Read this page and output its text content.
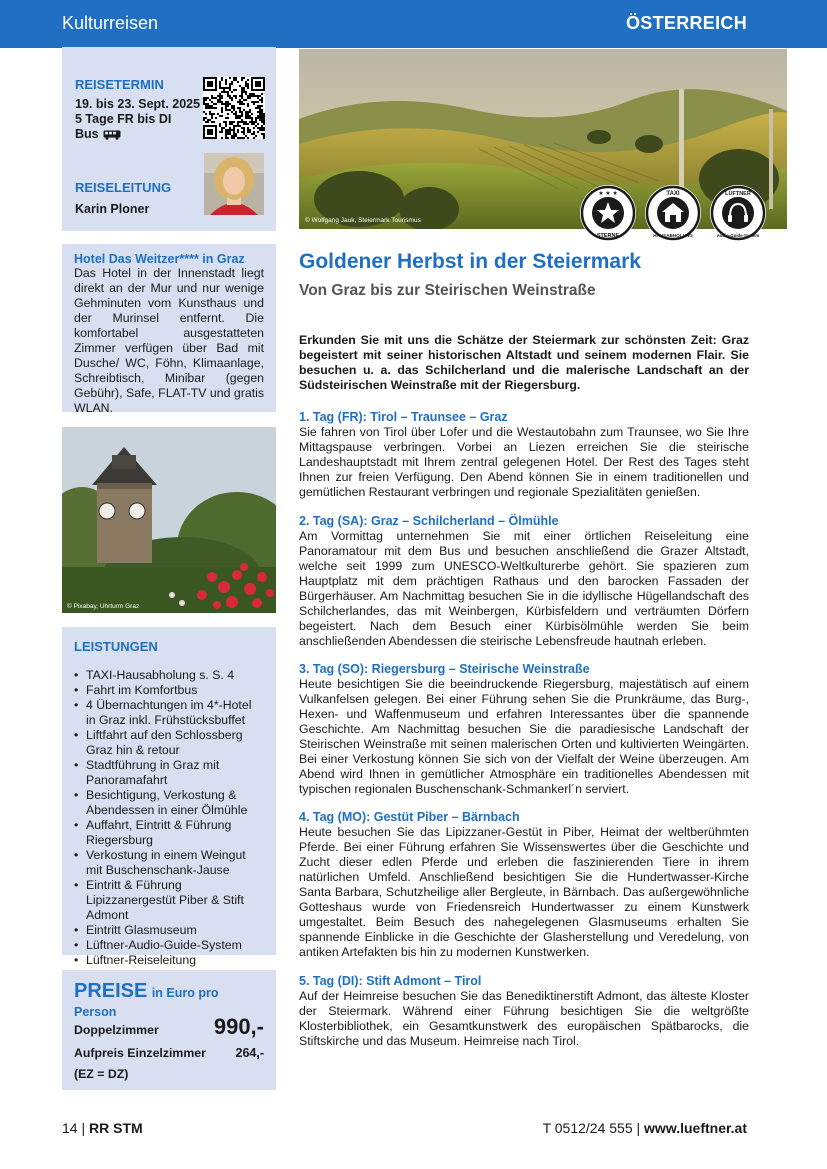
Kulturreisen	ÖSTERREICH
REISETERMIN
19. bis 23. Sept. 2025
5 Tage FR bis DI
Bus
REISELEITUNG
Karin Ploner
Hotel Das Weitzer**** in Graz
Das Hotel in der Innenstadt liegt direkt an der Mur und nur wenige Gehminuten vom Kunsthaus und der Murinsel entfernt. Die komfortabel ausgestatteten Zimmer verfügen über Bad mit Dusche/ WC, Föhn, Klimaanlage, Schreibtisch, Minibar (gegen Gebühr), Safe, FLAT-TV und gratis WLAN.
© Pixabay, Uhrturm Graz
LEISTUNGEN
• TAXI-Hausabholung s. S. 4
• Fahrt im Komfortbus
• 4 Übernachtungen im 4*-Hotel in Graz inkl. Frühstücksbuffet
• Liftfahrt auf den Schlossberg Graz hin & retour
• Stadtführung in Graz mit Panoramafahrt
• Besichtigung, Verkostung & Abendessen in einer Ölmühle
• Auffahrt, Eintritt & Führung Riegersburg
• Verkostung in einem Weingut mit Buschenschank-Jause
• Eintritt & Führung Lipizzanergestüt Piber & Stift Admont
• Eintritt Glasmuseum
• Lüftner-Audio-Guide-System
• Lüftner-Reiseleitung
PREISE in Euro pro Person
Doppelzimmer	990,-
Aufpreis Einzelzimmer 264,-
(EZ = DZ)
© Wolfgang Jauk, Steiermark Tourismus
★ ★ ★
STERNE
TAXI
HAUSABHOLUNG
LÜFTNER
Audio-Guide-System
Goldener Herbst in der Steiermark
Von Graz bis zur Steirischen Weinstraße
Erkunden Sie mit uns die Schätze der Steiermark zur schönsten Zeit: Graz begeistert mit seiner historischen Altstadt und seinem modernen Flair. Sie besuchen u. a. das Schilcherland und die malerische Landschaft an der Südsteirischen Weinstraße mit der Riegersburg.
1. Tag (FR): Tirol – Traunsee – Graz
Sie fahren von Tirol über Lofer und die Westautobahn zum Traunsee, wo Sie Ihre Mittagspause verbringen. Vorbei an Liezen erreichen Sie die steirische Landeshauptstadt mit Ihrem zentral gelegenen Hotel. Der Rest des Tages steht Ihnen zur freien Verfügung. Den Abend können Sie in einem traditionellen und gemütlichen Restaurant verbringen und regionale Spezialitäten genießen.
2. Tag (SA): Graz – Schilcherland – Ölmühle
Am Vormittag unternehmen Sie mit einer örtlichen Reiseleitung eine Panoramatour mit dem Bus und besuchen anschließend die Grazer Altstadt, welche seit 1999 zum UNESCO-Weltkulturerbe gehört. Sie spazieren zum Hauptplatz mit dem prächtigen Rathaus und den barocken Fassaden der Bürgerhäuser. Am Nachmittag besuchen Sie in die idyllische Hügellandschaft des Schilcherlandes, das mit Weinbergen, Kürbisfeldern und verträumten Dörfern begeistert. Nach dem Besuch einer Kürbisölmühle werden Sie beim anschließenden Abendessen die steirische Lebensfreude hautnah erleben.
3. Tag (SO): Riegersburg – Steirische Weinstraße
Heute besichtigen Sie die beeindruckende Riegersburg, majestätisch auf einem Vulkanfelsen gelegen. Bei einer Führung sehen Sie die Prunkräume, das Burg-, Hexen- und Waffenmuseum und erfahren Interessantes über die spannende Geschichte. Am Nachmittag besuchen Sie die paradiesische Landschaft der Steirischen Weinstraße mit seinen malerischen Orten und kultivierten Weingärten. Bei einer Verkostung können Sie sich von der Vielfalt der Weine überzeugen. Am Abend wird Ihnen in gemütlicher Atmosphäre ein traditionelles Abendessen mit typischen regionalen Buschenschank-Schmankerl´n serviert.
4. Tag (MO): Gestüt Piber – Bärnbach
Heute besuchen Sie das Lipizzaner-Gestüt in Piber, Heimat der weltberühmten Pferde. Bei einer Führung erfahren Sie Wissenswertes über die Geschichte und Zucht dieser edlen Pferde und erleben die faszinierenden Tiere in ihrem natürlichen Umfeld. Anschließend besichtigen Sie die Hundertwasser-Kirche Santa Barbara, Schutzheilige aller Bergleute, in Bärnbach. Das außergewöhnliche Gotteshaus wurde von Friedensreich Hundertwasser zu einem Kunstwerk umgestaltet. Beim Besuch des nahegelegenen Glasmuseums erhalten Sie spannende Einblicke in die Geschichte der Glasherstellung und Veredelung, von antiken Artefakten bis hin zu modernen Kunstwerken.
5. Tag (DI): Stift Admont – Tirol
Auf der Heimreise besuchen Sie das Benediktinerstift Admont, das älteste Kloster der Steiermark. Während einer Führung besichtigen Sie die weltgrößte Klosterbibliothek, ein Gesamtkunstwerk des europäischen Spätbarocks, die Stiftskirche und das Museum. Heimreise nach Tirol.
14 | RR STM	T 0512/24 555 | www.lueftner.at
